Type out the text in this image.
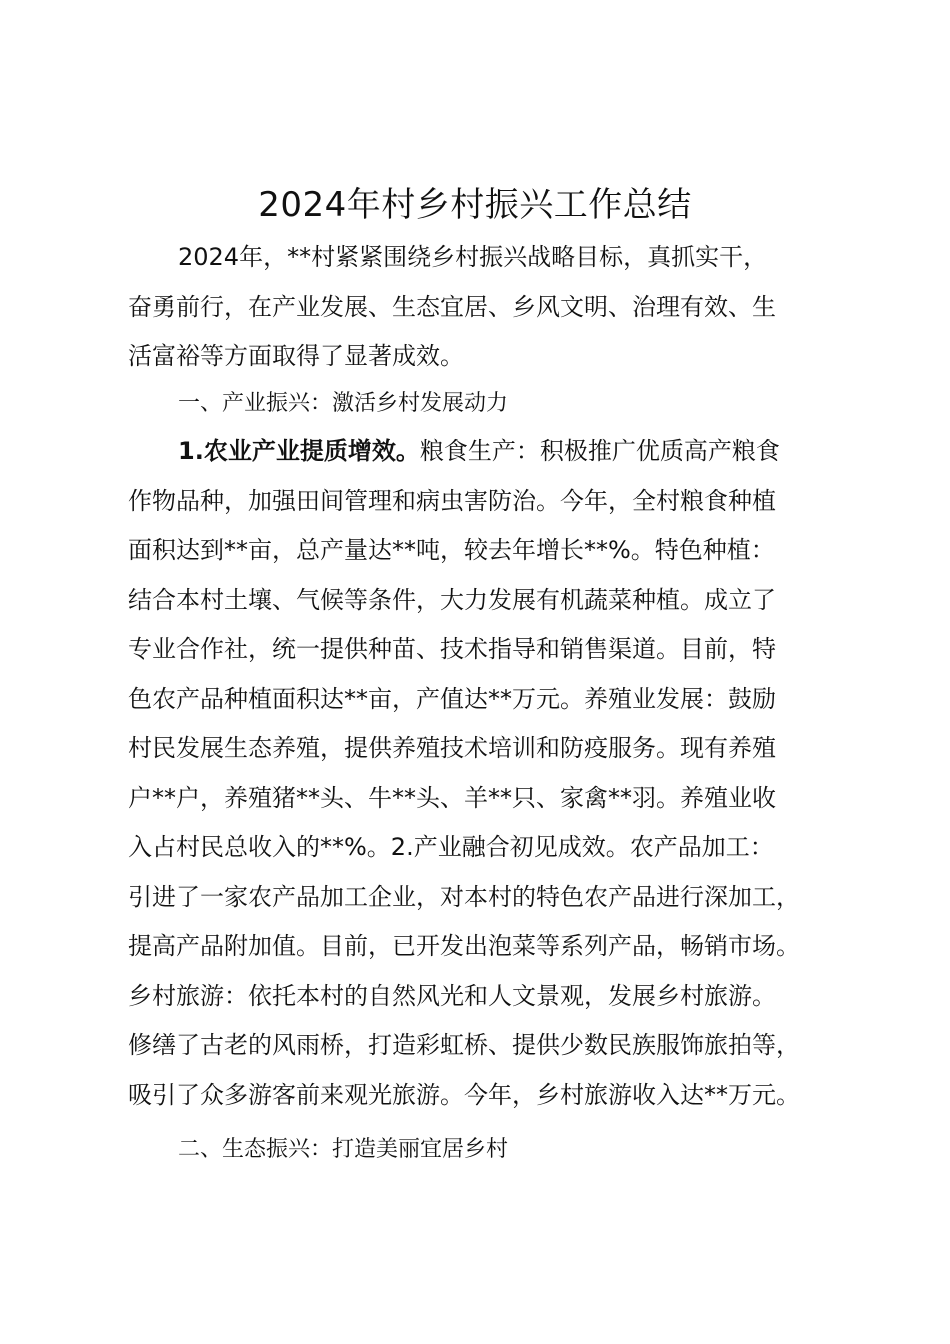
2024年村乡村振兴工作总结

2024年，**村紧紧围绕乡村振兴战略目标，真抓实干，
奋勇前行，在产业发展、生态宜居、乡风文明、治理有效、生
活富裕等方面取得了显著成效。

一、产业振兴：激活乡村发展动力

1.农业产业提质增效。粮食生产：积极推广优质高产粮食
作物品种，加强田间管理和病虫害防治。今年，全村粮食种植
面积达到**亩，总产量达**吨，较去年增长**%。特色种植：
结合本村土壤、气候等条件，大力发展有机蔬菜种植。成立了
专业合作社，统一提供种苗、技术指导和销售渠道。目前，特
色农产品种植面积达**亩，产值达**万元。养殖业发展：鼓励
村民发展生态养殖，提供养殖技术培训和防疫服务。现有养殖
户**户，养殖猪**头、牛**头、羊**只、家禽**羽。养殖业收
入占村民总收入的**%。2.产业融合初见成效。农产品加工：
引进了一家农产品加工企业，对本村的特色农产品进行深加工，
提高产品附加值。目前，已开发出泡菜等系列产品，畅销市场。
乡村旅游：依托本村的自然风光和人文景观，发展乡村旅游。
修缮了古老的风雨桥，打造彩虹桥、提供少数民族服饰旅拍等，
吸引了众多游客前来观光旅游。今年，乡村旅游收入达**万元。

二、生态振兴：打造美丽宜居乡村
